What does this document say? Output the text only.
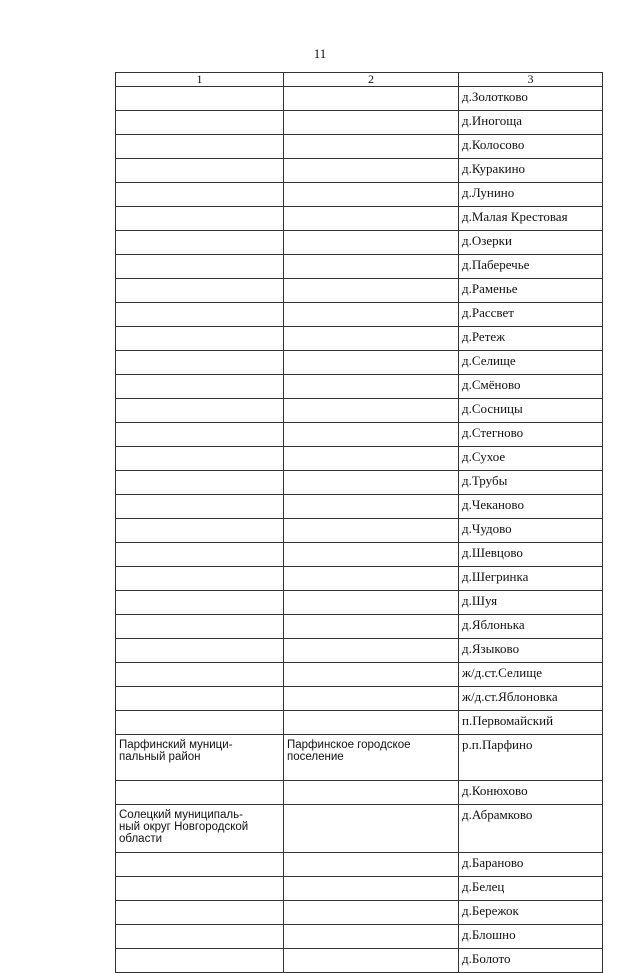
11
1	2	3
		д.Золотково
		д.Иногоща
		д.Колосово
		д.Куракино
		д.Лунино
		д.Малая Крестовая
		д.Озерки
		д.Паберечье
		д.Раменье
		д.Рассвет
		д.Ретеж
		д.Селище
		д.Смёново
		д.Сосницы
		д.Стегново
		д.Сухое
		д.Трубы
		д.Чеканово
		д.Чудово
		д.Шевцово
		д.Шегринка
		д.Шуя
		д.Яблонька
		д.Языково
		ж/д.ст.Селище
		ж/д.ст.Яблоновка
		п.Первомайский
Парфинский муници-
пальный район	Парфинское городское
поселение	р.п.Парфино
		д.Конюхово
Солецкий муниципаль-
ный округ Новгородской
области		д.Абрамково
		д.Бараново
		д.Белец
		д.Бережок
		д.Блошно
		д.Болото
